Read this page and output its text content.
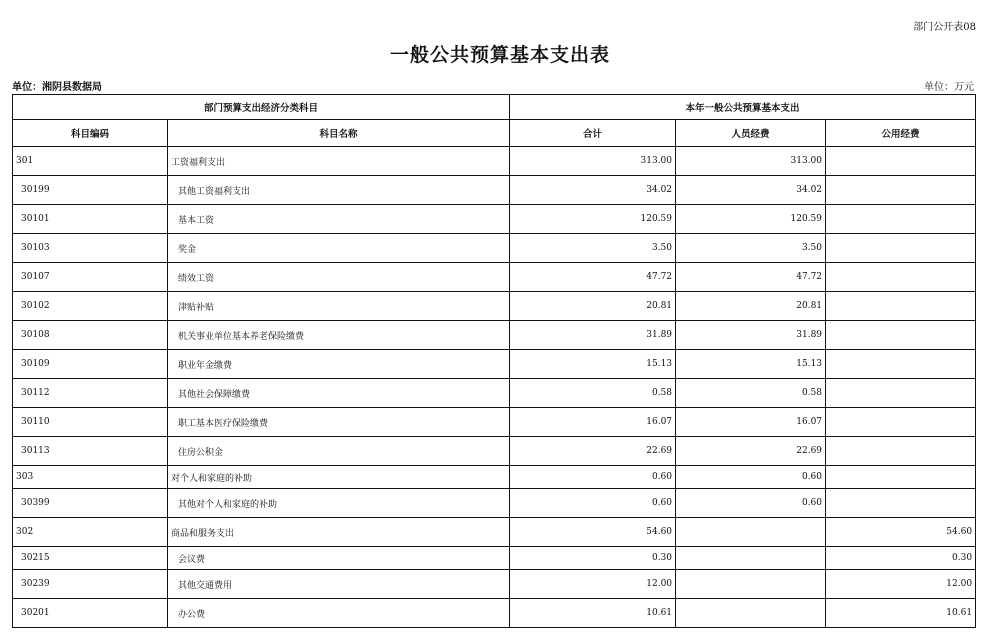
部门公开表08
一般公共预算基本支出表
单位：湘阴县数据局	单位：万元
部门预算支出经济分类科目		本年一般公共预算基本支出		
科目编码	科目名称	合计	人员经费	公用经费
301	工资福利支出	313.00	313.00	
30199	其他工资福利支出	34.02	34.02	
30101	基本工资	120.59	120.59	
30103	奖金	3.50	3.50	
30107	绩效工资	47.72	47.72	
30102	津贴补贴	20.81	20.81	
30108	机关事业单位基本养老保险缴费	31.89	31.89	
30109	职业年金缴费	15.13	15.13	
30112	其他社会保障缴费	0.58	0.58	
30110	职工基本医疗保险缴费	16.07	16.07	
30113	住房公积金	22.69	22.69	
303	对个人和家庭的补助	0.60	0.60	
30399	其他对个人和家庭的补助	0.60	0.60	
302	商品和服务支出	54.60		54.60
30215	会议费	0.30		0.30
30239	其他交通费用	12.00		12.00
30201	办公费	10.61		10.61
